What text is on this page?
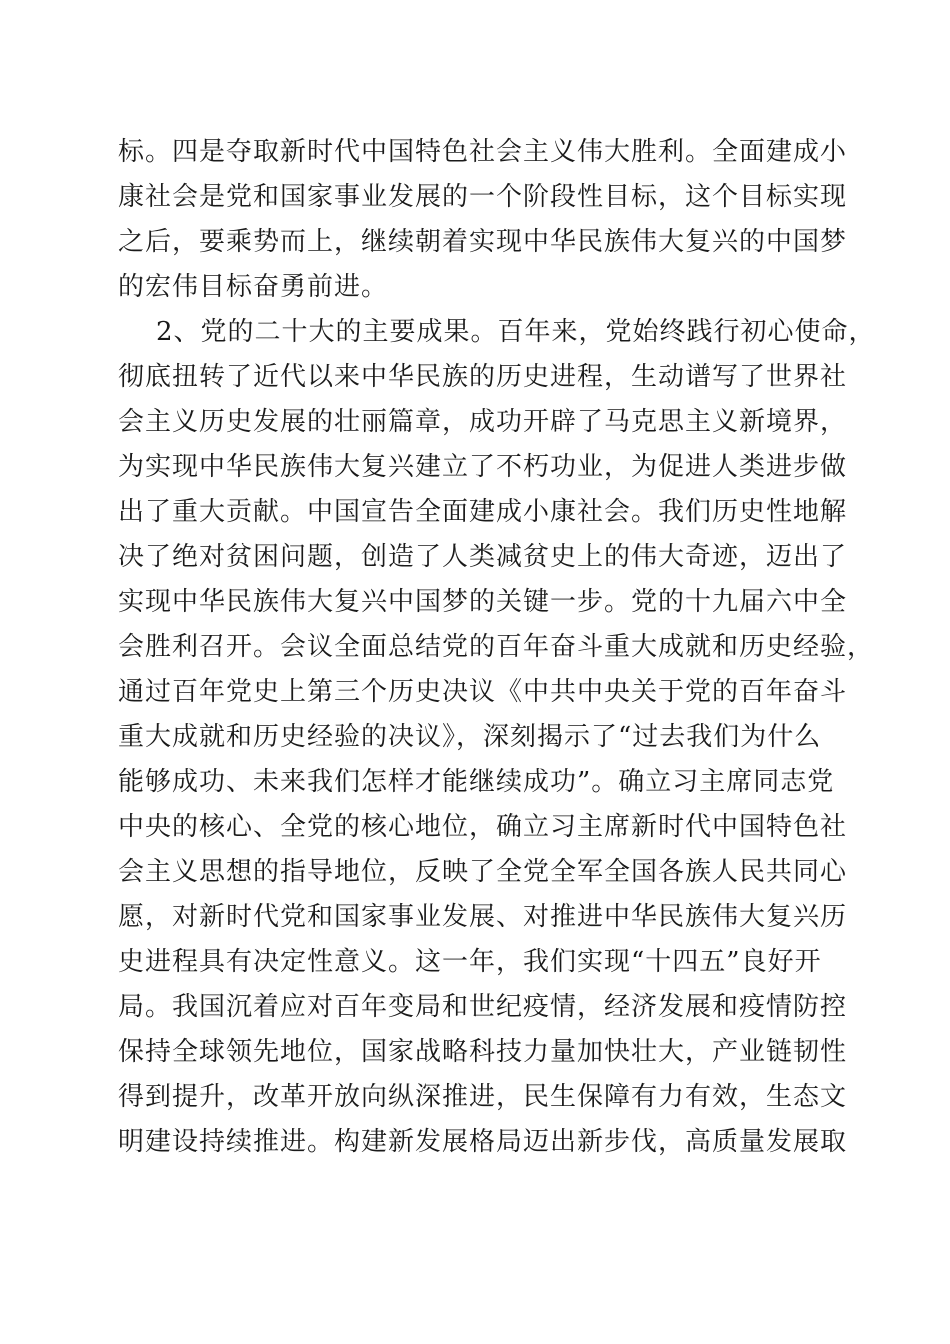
标。四是夺取新时代中国特色社会主义伟大胜利。全面建成小
康社会是党和国家事业发展的一个阶段性目标，这个目标实现
之后，要乘势而上，继续朝着实现中华民族伟大复兴的中国梦
的宏伟目标奋勇前进。
2、党的二十大的主要成果。百年来，党始终践行初心使命，
彻底扭转了近代以来中华民族的历史进程，生动谱写了世界社
会主义历史发展的壮丽篇章，成功开辟了马克思主义新境界，
为实现中华民族伟大复兴建立了不朽功业，为促进人类进步做
出了重大贡献。中国宣告全面建成小康社会。我们历史性地解
决了绝对贫困问题，创造了人类减贫史上的伟大奇迹，迈出了
实现中华民族伟大复兴中国梦的关键一步。党的十九届六中全
会胜利召开。会议全面总结党的百年奋斗重大成就和历史经验，
通过百年党史上第三个历史决议《中共中央关于党的百年奋斗
重大成就和历史经验的决议》，深刻揭示了“过去我们为什么
能够成功、未来我们怎样才能继续成功”。确立习主席同志党
中央的核心、全党的核心地位，确立习主席新时代中国特色社
会主义思想的指导地位，反映了全党全军全国各族人民共同心
愿，对新时代党和国家事业发展、对推进中华民族伟大复兴历
史进程具有决定性意义。这一年，我们实现“十四五”良好开
局。我国沉着应对百年变局和世纪疫情，经济发展和疫情防控
保持全球领先地位，国家战略科技力量加快壮大，产业链韧性
得到提升，改革开放向纵深推进，民生保障有力有效，生态文
明建设持续推进。构建新发展格局迈出新步伐，高质量发展取
